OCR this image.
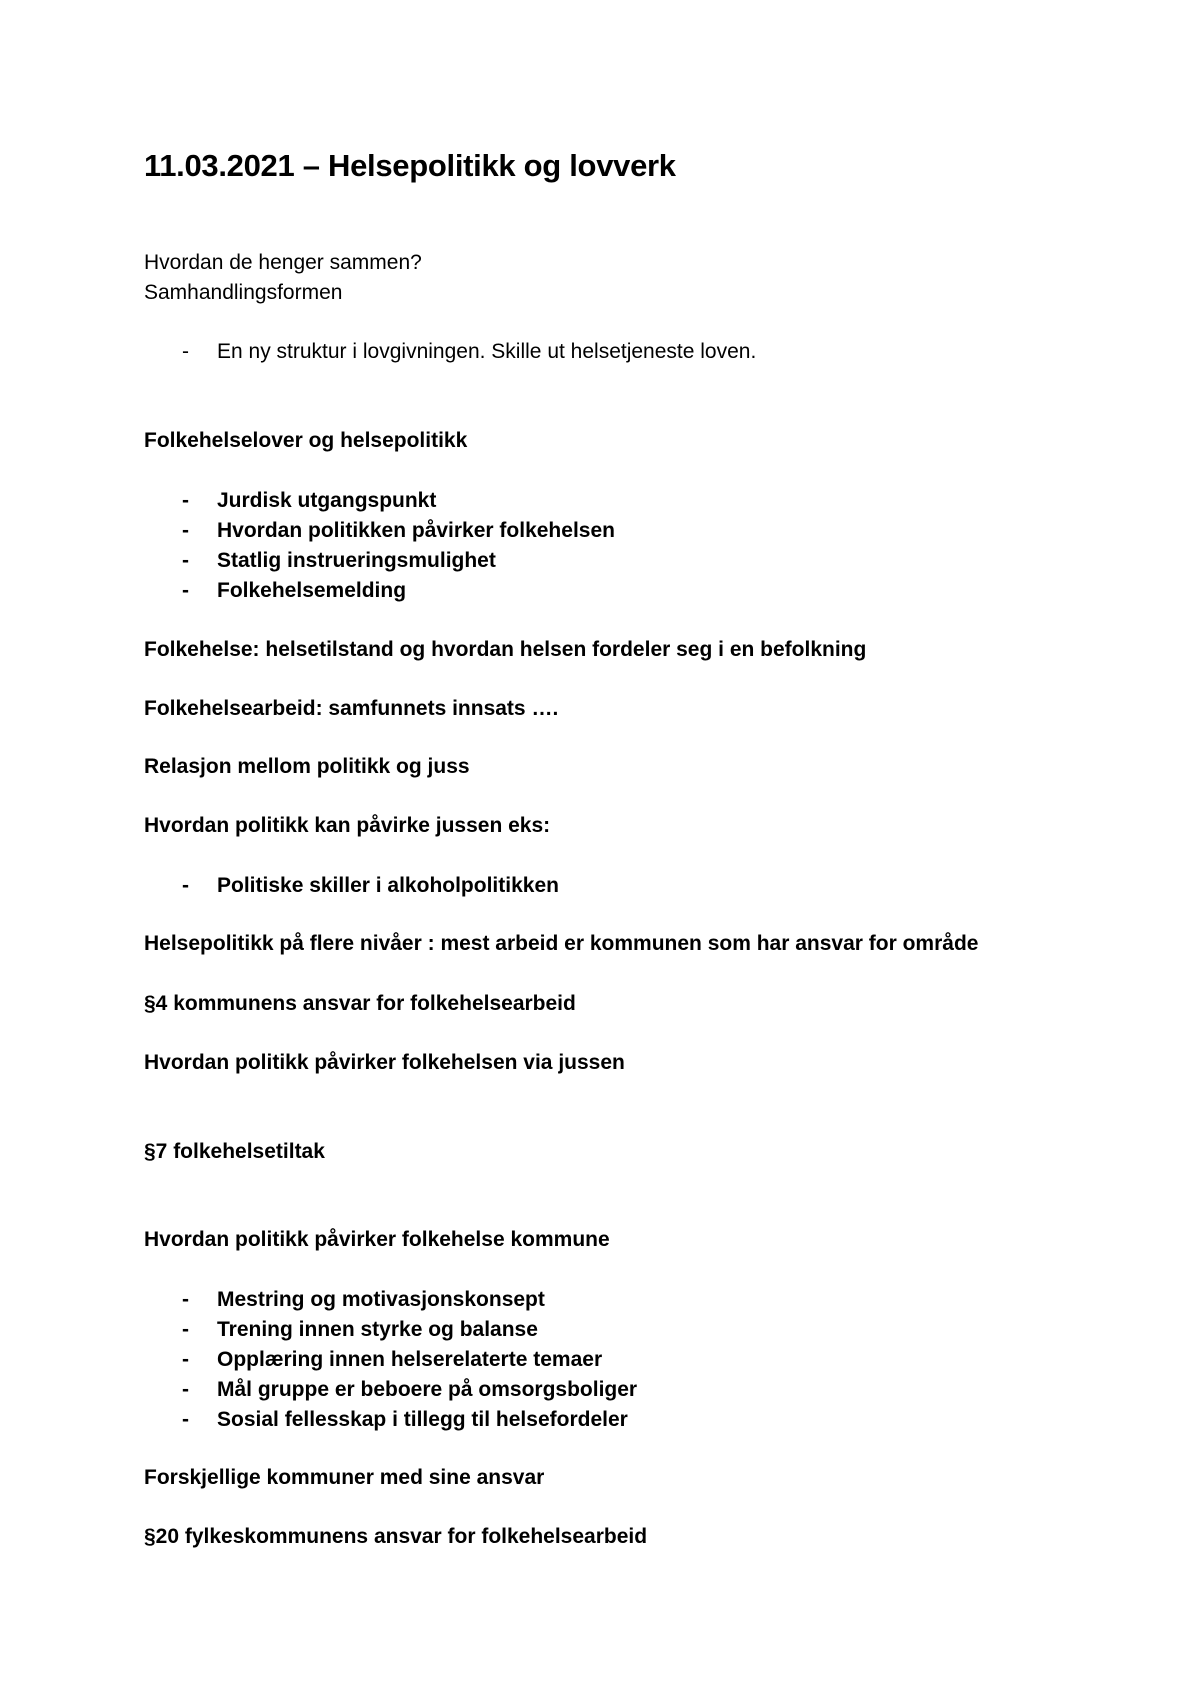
11.03.2021 – Helsepolitikk og lovverk

Hvordan de henger sammen?

Samhandlingsformen

- En ny struktur i lovgivningen. Skille ut helsetjeneste loven.
Folkehelselover og helsepolitikk
- Jurdisk utgangspunkt
- Hvordan politikken påvirker folkehelsen
- Statlig instrueringsmulighet
- Folkehelsemelding

Folkehelse: helsetilstand og hvordan helsen fordeler seg i en befolkning

Folkehelsearbeid: samfunnets innsats ….

Relasjon mellom politikk og juss

Hvordan politikk kan påvirke jussen eks:

- Politiske skiller i alkoholpolitikken

Helsepolitikk på flere nivåer : mest arbeid er kommunen som har ansvar for område

§4 kommunens ansvar for folkehelsearbeid

Hvordan politikk påvirker folkehelsen via jussen

§7 folkehelsetiltak

Hvordan politikk påvirker folkehelse kommune

- Mestring og motivasjonskonsept
- Trening innen styrke og balanse
- Opplæring innen helserelaterte temaer
- Mål gruppe er beboere på omsorgsboliger
- Sosial fellesskap i tillegg til helsefordeler

Forskjellige kommuner med sine ansvar

§20 fylkeskommunens ansvar for folkehelsearbeid
